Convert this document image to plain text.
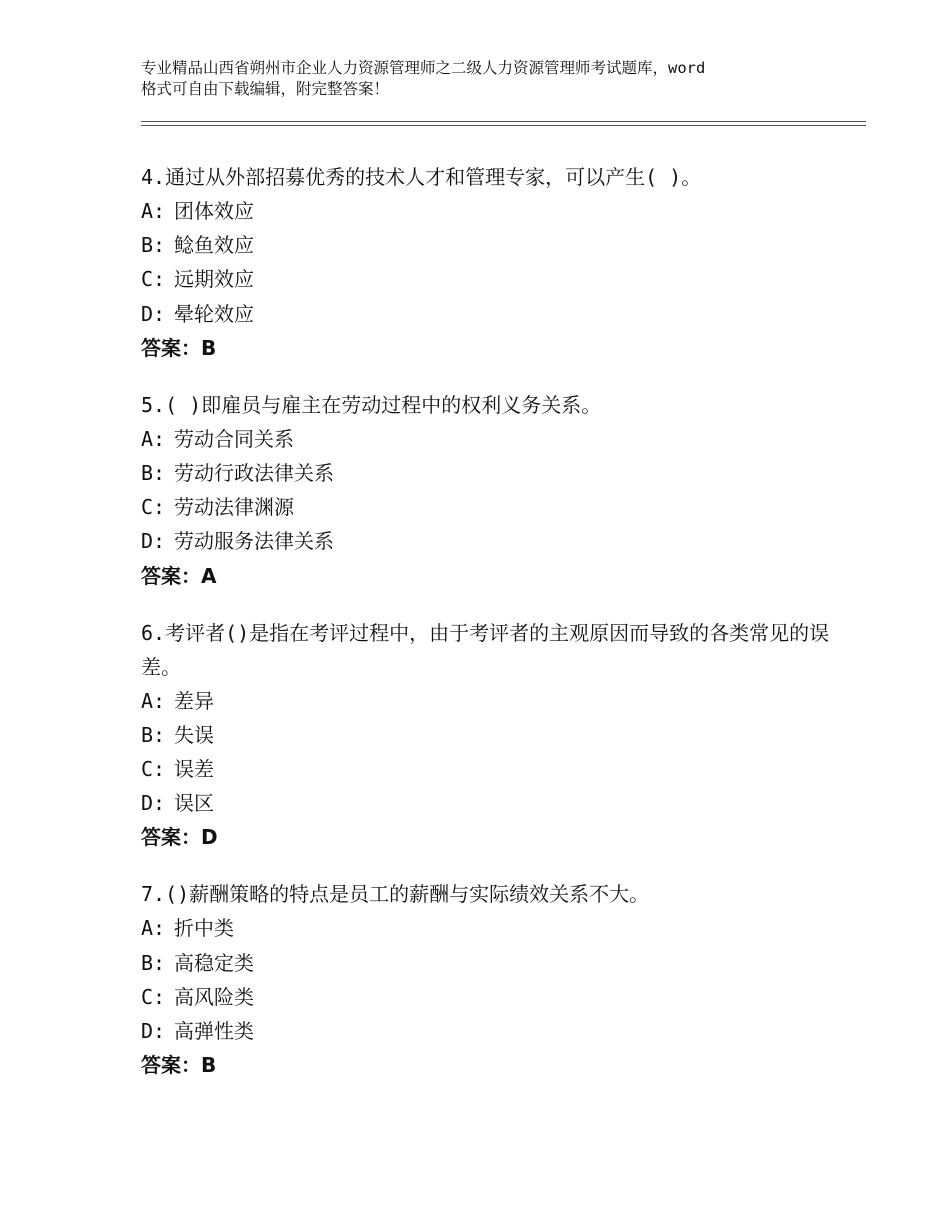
专业精品山西省朔州市企业人力资源管理师之二级人力资源管理师考试题库，word
格式可自由下载编辑，附完整答案！
4.通过从外部招募优秀的技术人才和管理专家，可以产生( )。
A: 团体效应
B: 鲶鱼效应
C: 远期效应
D: 晕轮效应
答案：B
5.( )即雇员与雇主在劳动过程中的权利义务关系。
A: 劳动合同关系
B: 劳动行政法律关系
C: 劳动法律渊源
D: 劳动服务法律关系
答案：A
6.考评者()是指在考评过程中，由于考评者的主观原因而导致的各类常见的误差。
A: 差异
B: 失误
C: 误差
D: 误区
答案：D
7.()薪酬策略的特点是员工的薪酬与实际绩效关系不大。
A: 折中类
B: 高稳定类
C: 高风险类
D: 高弹性类
答案：B
